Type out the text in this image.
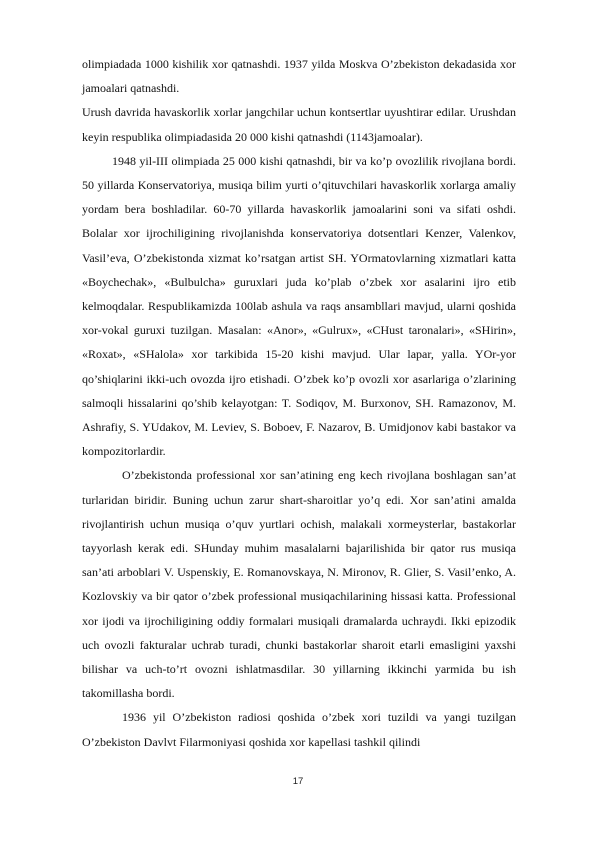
olimpiadada 1000 kishilik xor qatnashdi. 1937 yilda Moskva O’zbekiston dekadasida xor jamoalari qatnashdi.

Urush davrida havaskorlik xorlar jangchilar uchun kontsertlar uyushtirar edilar. Urushdan keyin respublika olimpiadasida 20 000 kishi qatnashdi (1143jamoalar).

1948 yil-III olimpiada 25 000 kishi qatnashdi, bir va ko’p ovozlilik rivojlana bordi. 50 yillarda Konservatoriya, musiqa bilim yurti o’qituvchilari havaskorlik xorlarga amaliy yordam bera boshladilar. 60-70 yillarda havaskorlik jamoalarini soni va sifati oshdi. Bolalar xor ijrochiligining rivojlanishda konservatoriya dotsentlari Kenzer, Valenkov, Vasil’eva, O’zbekistonda xizmat ko’rsatgan artist SH. YOrmatovlarning xizmatlari katta «Boychechak», «Bulbulcha» guruxlari juda ko’plab o’zbek xor asalarini ijro etib kelmoqdalar. Respublikamizda 100lab ashula va raqs ansambllari mavjud, ularni qoshida xor-vokal guruxi tuzilgan. Masalan: «Anor», «Gulrux», «CHust taronalari», «SHirin», «Roxat», «SHalola» xor tarkibida 15-20 kishi mavjud. Ular lapar, yalla. YOr-yor qo’shiqlarini ikki-uch ovozda ijro etishadi. O’zbek ko’p ovozli xor asarlariga o’zlarining salmoqli hissalarini qo’shib kelayotgan: T. Sodiqov, M. Burxonov, SH. Ramazonov, M. Ashrafiy, S. YUdakov, M. Leviev, S. Boboev, F. Nazarov, B. Umidjonov kabi bastakor va kompozitorlardir.

O’zbekistonda professional xor san’atining eng kech rivojlana boshlagan san’at turlaridan biridir. Buning uchun zarur shart-sharoitlar yo’q edi. Xor san’atini amalda rivojlantirish uchun musiqa o’quv yurtlari ochish, malakali xormeysterlar, bastakorlar tayyorlash kerak edi. SHunday muhim masalalarni bajarilishida bir qator rus musiqa san’ati arboblari V. Uspenskiy, E. Romanovskaya, N. Mironov, R. Glier, S. Vasil’enko, A. Kozlovskiy va bir qator o’zbek professional musiqachilarining hissasi katta. Professional xor ijodi va ijrochiligining oddiy formalari musiqali dramalarda uchraydi. Ikki epizodik uch ovozli fakturalar uchrab turadi, chunki bastakorlar sharoit etarli emasligini yaxshi bilishar va uch-to’rt ovozni ishlatmasdilar. 30 yillarning ikkinchi yarmida bu ish takomillasha bordi.

1936 yil O’zbekiston radiosi qoshida o’zbek xori tuzildi va yangi tuzilgan O’zbekiston Davlvt Filarmoniyasi qoshida xor kapellasi tashkil qilindi

17
